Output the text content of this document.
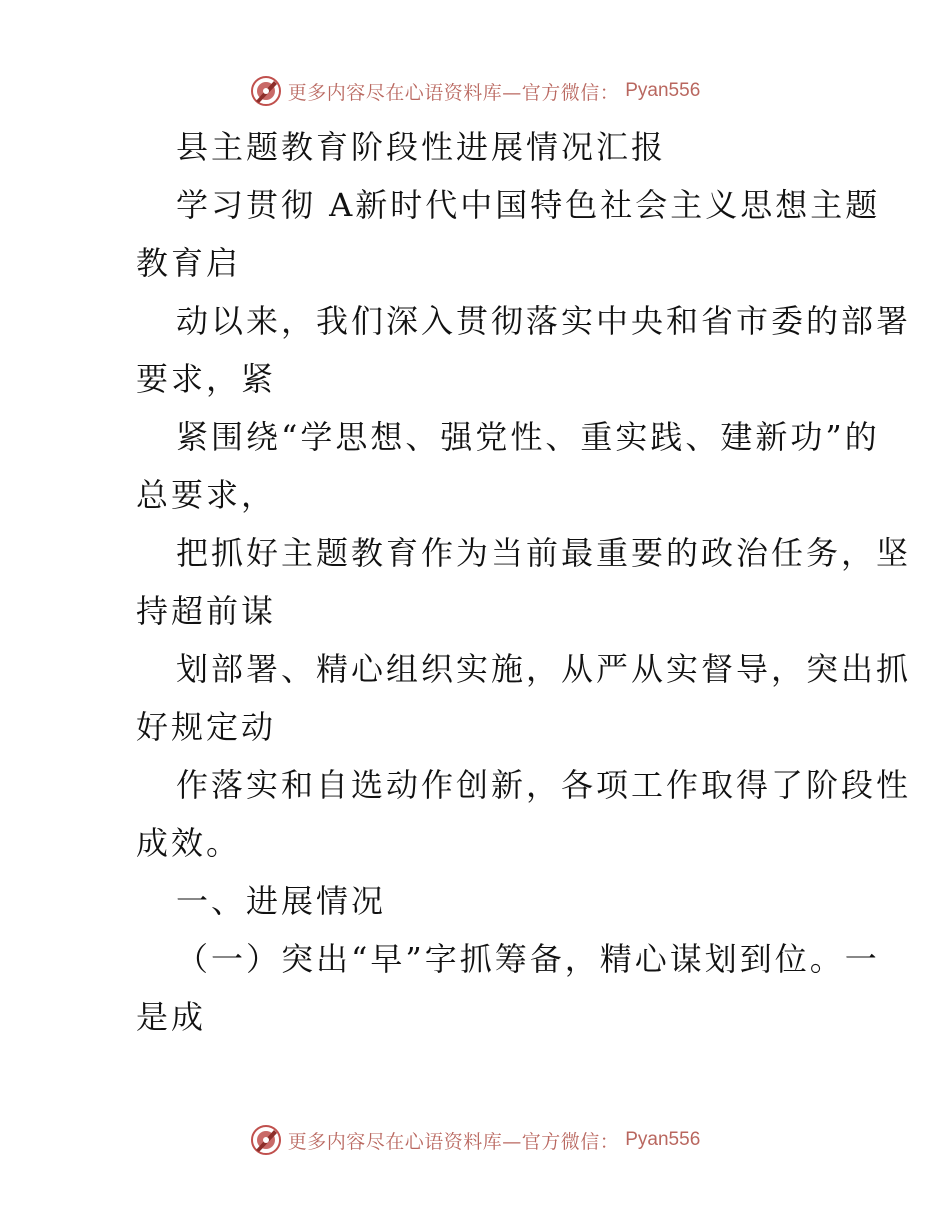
更多内容尽在心语资料库—官方微信： Pyan556
县主题教育阶段性进展情况汇报
学习贯彻 A新时代中国特色社会主义思想主题
教育启
动以来，我们深入贯彻落实中央和省市委的部署
要求，紧
紧围绕“学思想、强党性、重实践、建新功”的
总要求，
把抓好主题教育作为当前最重要的政治任务，坚
持超前谋
划部署、精心组织实施，从严从实督导，突出抓
好规定动
作落实和自选动作创新，各项工作取得了阶段性
成效。
一、进展情况
（一）突出“早”字抓筹备，精心谋划到位。一
是成
更多内容尽在心语资料库—官方微信： Pyan556
